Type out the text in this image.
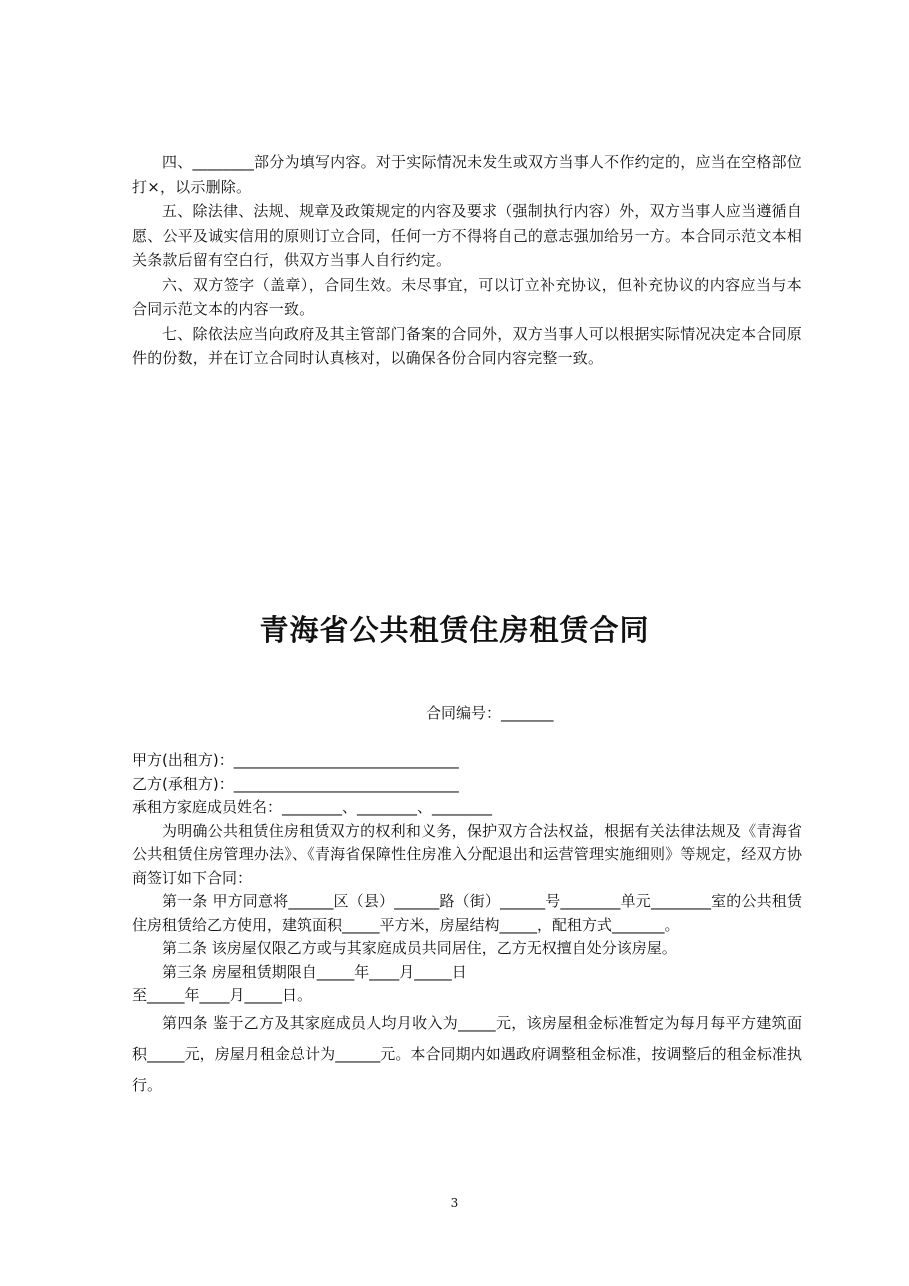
四、________部分为填写内容。对于实际情况未发生或双方当事人不作约定的，应当在空格部位打×，以示删除。

五、除法律、法规、规章及政策规定的内容及要求（强制执行内容）外，双方当事人应当遵循自愿、公平及诚实信用的原则订立合同，任何一方不得将自己的意志强加给另一方。本合同示范文本相关条款后留有空白行，供双方当事人自行约定。

六、双方签字（盖章），合同生效。未尽事宜，可以订立补充协议，但补充协议的内容应当与本合同示范文本的内容一致。

七、除依法应当向政府及其主管部门备案的合同外，双方当事人可以根据实际情况决定本合同原件的份数，并在订立合同时认真核对，以确保各份合同内容完整一致。

青海省公共租赁住房租赁合同
合同编号：_______

甲方(出租方)：______________________________

乙方(承租方)：______________________________

承租方家庭成员姓名：________、________、________

为明确公共租赁住房租赁双方的权利和义务，保护双方合法权益，根据有关法律法规及《青海省公共租赁住房管理办法》、《青海省保障性住房准入分配退出和运营管理实施细则》等规定，经双方协商签订如下合同：

第一条 甲方同意将______区（县）______路（街）______号________单元________室的公共租赁住房租赁给乙方使用，建筑面积_____平方米，房屋结构_____，配租方式_______。

第二条 该房屋仅限乙方或与其家庭成员共同居住，乙方无权擅自处分该房屋。

第三条 房屋租赁期限自_____年____月_____日

至_____年____月_____日。

第四条 鉴于乙方及其家庭成员人均月收入为_____元，该房屋租金标准暂定为每月每平方建筑面积_____元，房屋月租金总计为______元。本合同期内如遇政府调整租金标准，按调整后的租金标准执行。

3
